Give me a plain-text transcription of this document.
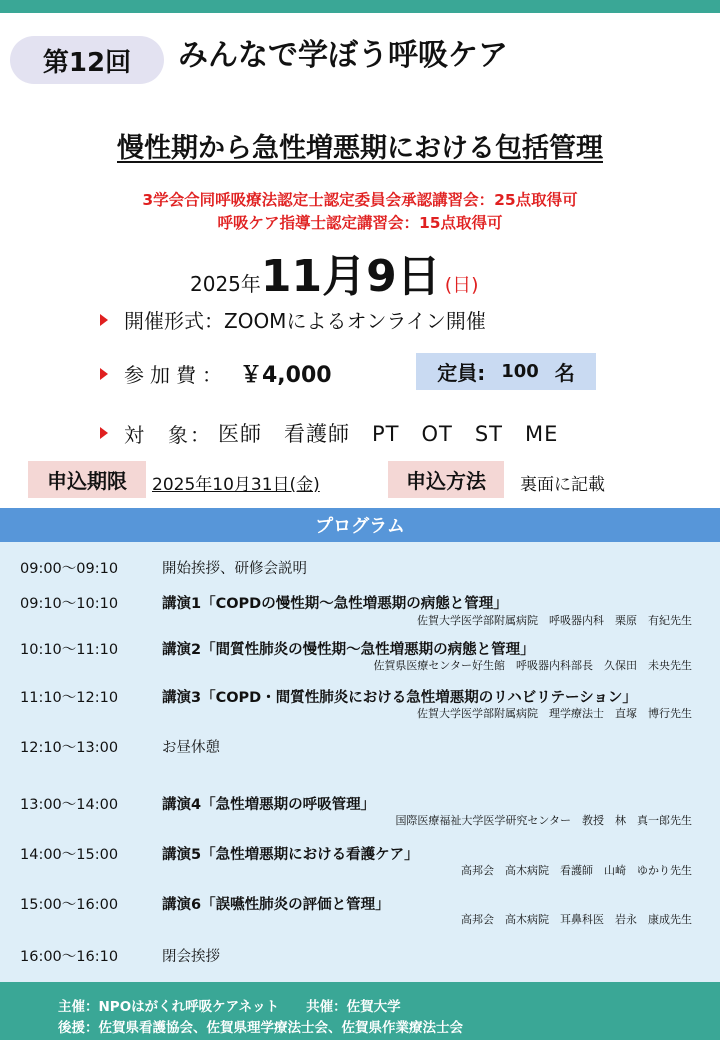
第12回 みんなで学ぼう呼吸ケア
慢性期から急性増悪期における包括管理
3学会合同呼吸療法認定士認定委員会承認講習会：25点取得可
呼吸ケア指導士認定講習会：15点取得可
2025年 11月9日 (日)
開催形式：ZOOMによるオンライン開催
参加費： ￥4,000	定員: 100 名
対　象： 医師　看護師　PT　OT　ST　ME
申込期限	2025年10月31日(金)	申込方法	裏面に記載
プログラム
09:00〜09:10	開始挨拶、研修会説明
09:10〜10:10	講演1「COPDの慢性期〜急性増悪期の病態と管理」
佐賀大学医学部附属病院　呼吸器内科　栗原　有紀先生
10:10〜11:10	講演2「間質性肺炎の慢性期〜急性増悪期の病態と管理」
佐賀県医療センター好生館　呼吸器内科部長　久保田　未央先生
11:10〜12:10	講演3「COPD・間質性肺炎における急性増悪期のリハビリテーション」
佐賀大学医学部附属病院　理学療法士　直塚　博行先生
12:10〜13:00	お昼休憩
13:00〜14:00	講演4「急性増悪期の呼吸管理」
国際医療福祉大学医学研究センター　教授　林　真一郎先生
14:00〜15:00	講演5「急性増悪期における看護ケア」
高邦会　高木病院　看護師　山崎　ゆかり先生
15:00〜16:00	講演6「誤嚥性肺炎の評価と管理」
高邦会　高木病院　耳鼻科医　岩永　康成先生
16:00〜16:10	閉会挨拶
主催：NPOはがくれ呼吸ケアネット　　共催：佐賀大学
後援：佐賀県看護協会、佐賀県理学療法士会、佐賀県作業療法士会
